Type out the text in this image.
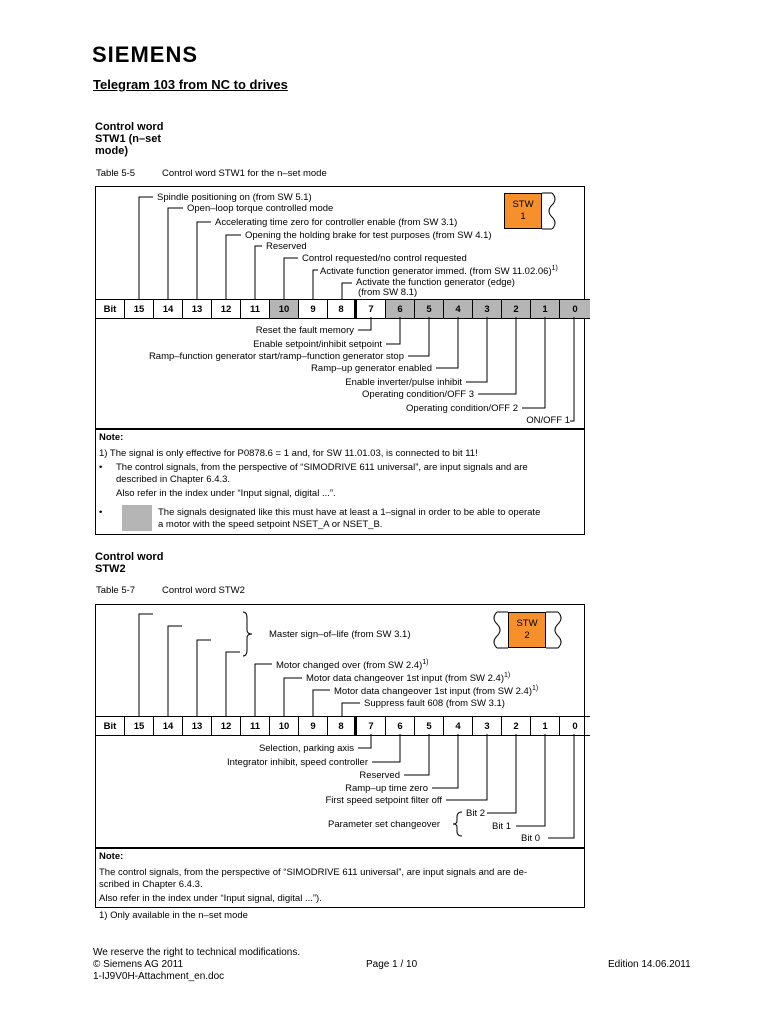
SIEMENS
Telegram 103 from NC to drives
Control word
STW1 (n–set
mode)
Table 5-5	Control word STW1 for the n–set mode
STW
1
Bit	15	14	13	12	11	10	9	8	7	6	5	4	3	2	1	0
Spindle positioning on (from SW 5.1)
Open–loop torque controlled mode
Accelerating time zero for controller enable (from SW 3.1)
Opening the holding brake for test purposes (from SW 4.1)
Reserved
Control requested/no control requested
Activate function generator immed. (from SW 11.02.06)$^{1)}$
Activate the function generator (edge)
(from SW 8.1)
Reset the fault memory
Enable setpoint/inhibit setpoint
Ramp–function generator start/ramp–function generator stop
Ramp–up generator enabled
Enable inverter/pulse inhibit
Operating condition/OFF 3
Operating condition/OFF 2
ON/OFF 1
Note:
1) The signal is only effective for P0878.6 = 1 and, for SW 11.01.03, is connected to bit 11!
• The control signals, from the perspective of “SIMODRIVE 611 universal”, are input signals and are
described in Chapter 6.4.3.
Also refer in the index under “Input signal, digital ...”.
•	The signals designated like this must have at least a 1–signal in order to be able to operate
a motor with the speed setpoint NSET_A or NSET_B.
Control word
STW2
Table 5-7	Control word STW2
STW
2
Bit	15	14	13	12	11	10	9	8	7	6	5	4	3	2	1	0
Master sign–of–life (from SW 3.1)
Motor changed over (from SW 2.4)$^{1)}$
Motor data changeover 1st input (from SW 2.4)$^{1)}$
Motor data changeover 1st input (from SW 2.4)$^{1)}$
Suppress fault 608 (from SW 3.1)
Selection, parking axis
Integrator inhibit, speed controller
Reserved
Ramp–up time zero
First speed setpoint filter off
Parameter set changeover
Bit 2
Bit 1
Bit 0
Note:
The control signals, from the perspective of “SIMODRIVE 611 universal”, are input signals and are de-
scribed in Chapter 6.4.3.
Also refer in the index under “Input signal, digital ...”).
1) Only available in the n–set mode
We reserve the right to technical modifications.
© Siemens AG 2011
1-IJ9V0H-Attachment_en.doc
Page 1 / 10	Edition 14.06.2011
